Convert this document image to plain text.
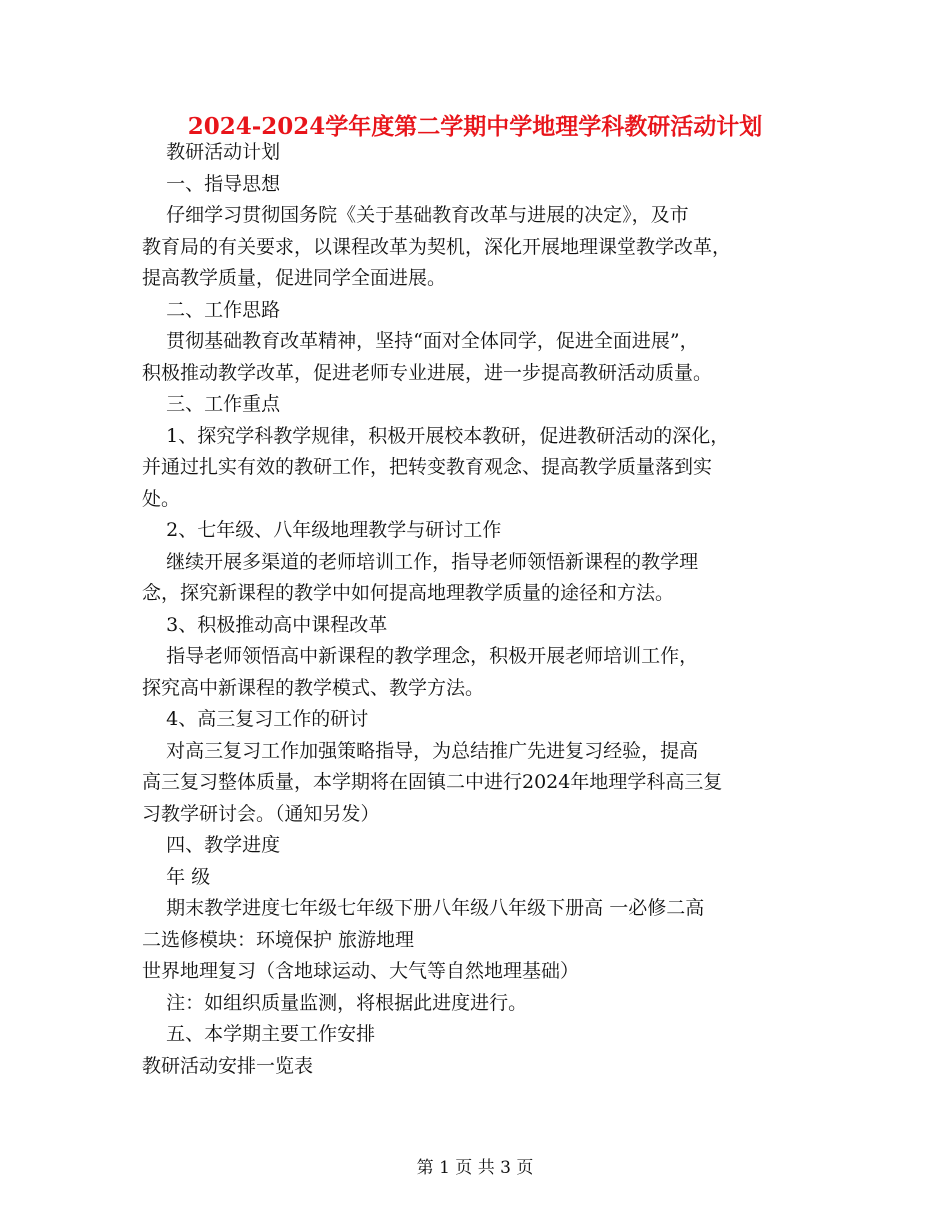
2024-2024学年度第二学期中学地理学科教研活动计划

教研活动计划

一、指导思想

仔细学习贯彻国务院《关于基础教育改革与进展的决定》，及市

教育局的有关要求，以课程改革为契机，深化开展地理课堂教学改革，

提高教学质量，促进同学全面进展。

二、工作思路

贯彻基础教育改革精神，坚持“面对全体同学，促进全面进展”，

积极推动教学改革，促进老师专业进展，进一步提高教研活动质量。

三、工作重点

1、探究学科教学规律，积极开展校本教研，促进教研活动的深化，

并通过扎实有效的教研工作，把转变教育观念、提高教学质量落到实

处。

2、七年级、八年级地理教学与研讨工作

继续开展多渠道的老师培训工作，指导老师领悟新课程的教学理

念，探究新课程的教学中如何提高地理教学质量的途径和方法。

3、积极推动高中课程改革

指导老师领悟高中新课程的教学理念，积极开展老师培训工作，

探究高中新课程的教学模式、教学方法。

4、高三复习工作的研讨

对高三复习工作加强策略指导，为总结推广先进复习经验，提高

高三复习整体质量，本学期将在固镇二中进行2024年地理学科高三复

习教学研讨会。（通知另发）

四、教学进度

年 级

期末教学进度七年级七年级下册八年级八年级下册高 一必修二高

二选修模块：环境保护 旅游地理

世界地理复习（含地球运动、大气等自然地理基础）

注：如组织质量监测，将根据此进度进行。

五、本学期主要工作安排

教研活动安排一览表

第 1 页 共 3 页
